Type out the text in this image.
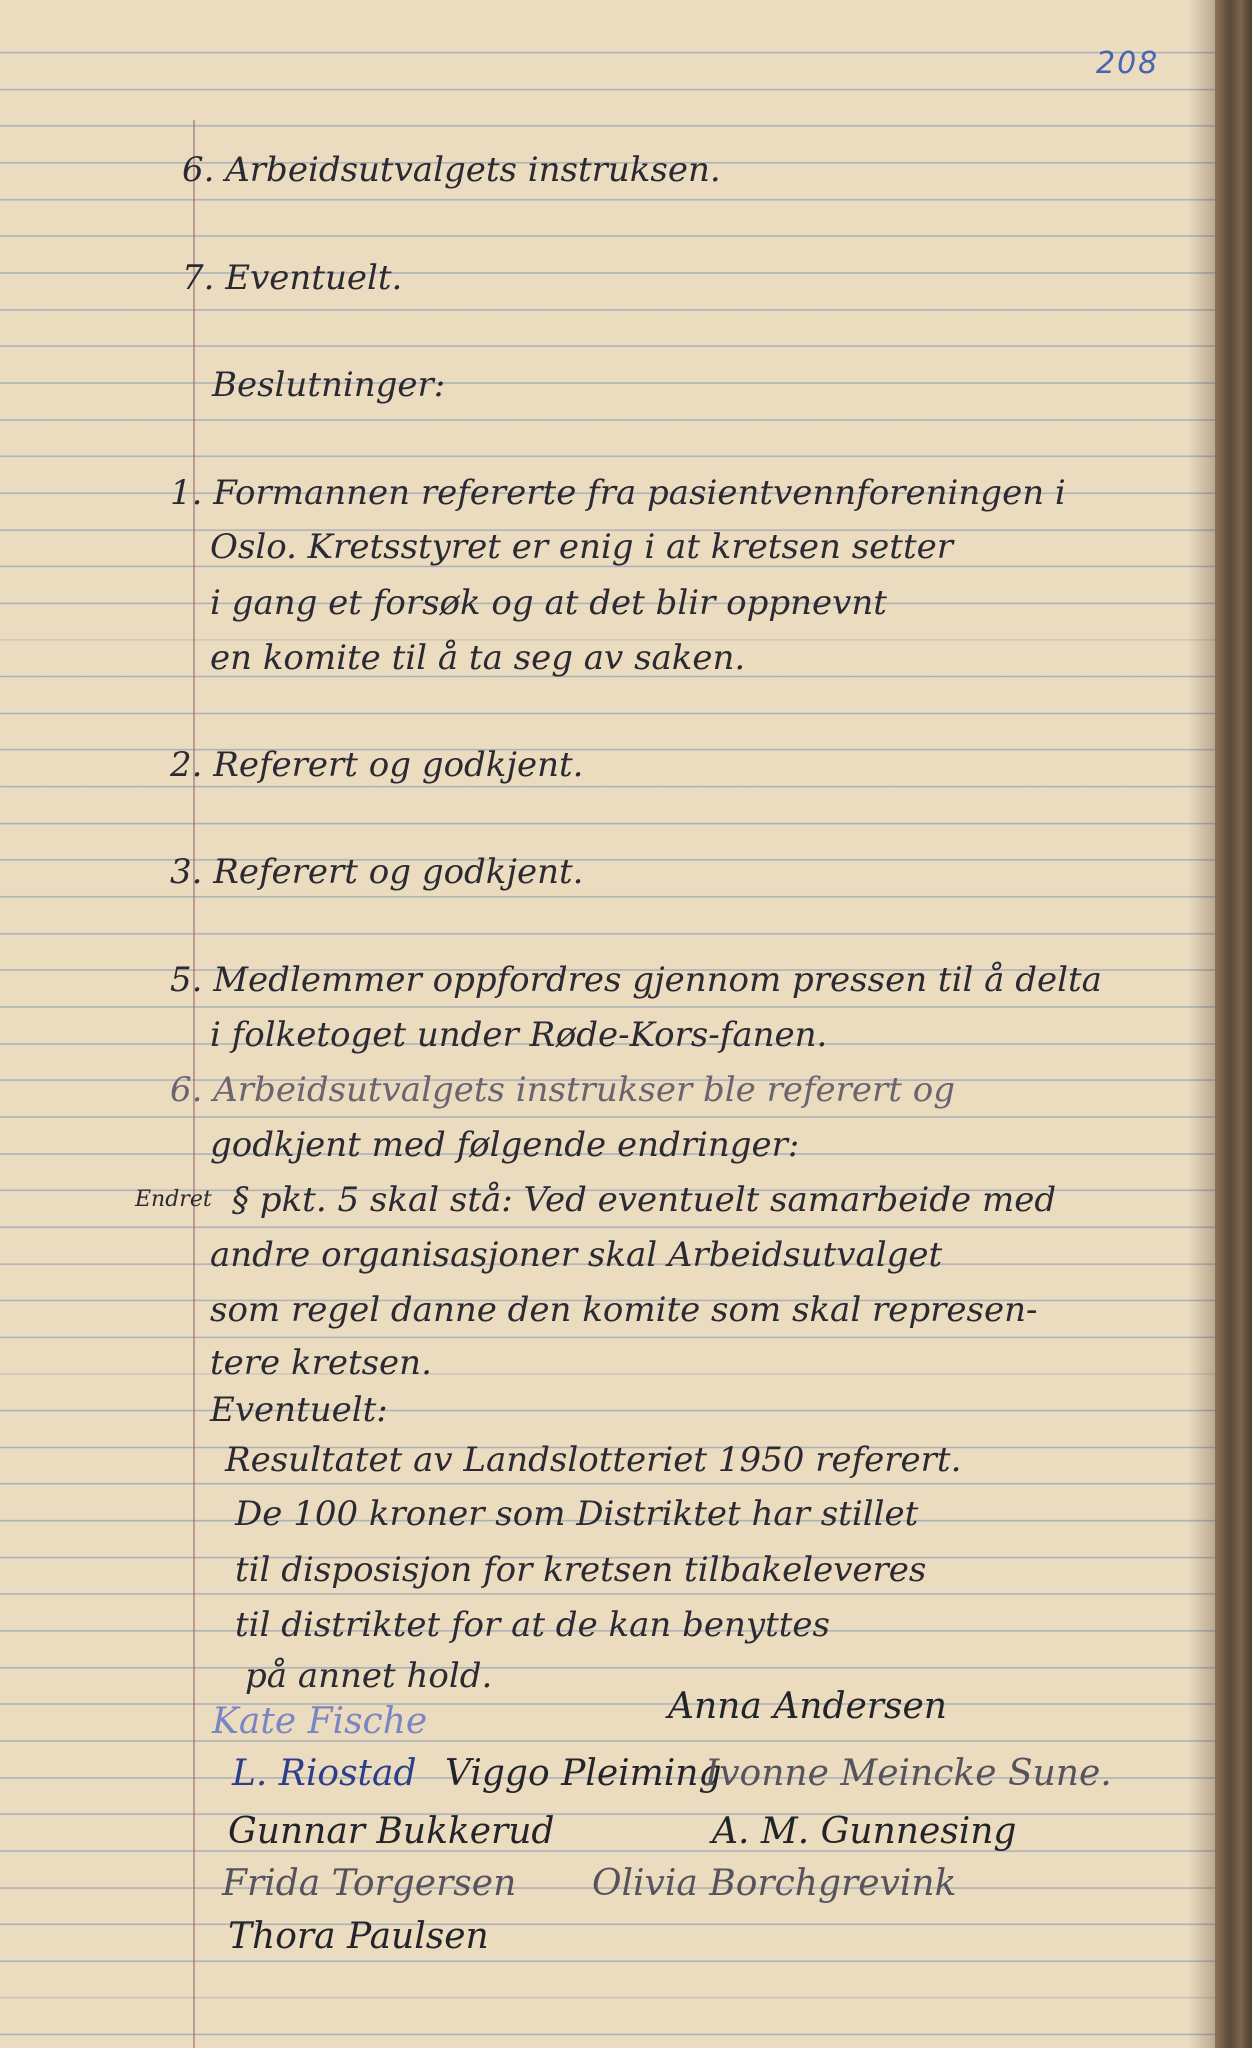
208
6. Arbeidsutvalgets instruksen.
7. Eventuelt.
Beslutninger:
1. Formannen refererte fra pasientvennforeningen i
Oslo. Kretsstyret er enig i at kretsen setter
i gang et forsøk og at det blir oppnevnt
en komite til å ta seg av saken.
2. Referert og godkjent.
3. Referert og godkjent.
5. Medlemmer oppfordres gjennom pressen til å delta
i folketoget under Røde-Kors-fanen.
6. Arbeidsutvalgets instrukser ble referert og
godkjent med følgende endringer:
Endret § pkt. 5 skal stå: Ved eventuelt samarbeide med
andre organisasjoner skal Arbeidsutvalget
som regel danne den komite som skal represen-
tere kretsen.
Eventuelt:
Resultatet av Landslotteriet 1950 referert.
De 100 kroner som Distriktet har stillet
til disposisjon for kretsen tilbakeleveres
til distriktet for at de kan benyttes
på annet hold.
Kate Fische	Anna Andersen
L. Riostad Viggo Pleiming
Ivonne Meincke Sune.
Gunnar Bukkerud	A. M. Gunnesing
Frida Torgersen Olivia Borchgrevink
Thora Paulsen
